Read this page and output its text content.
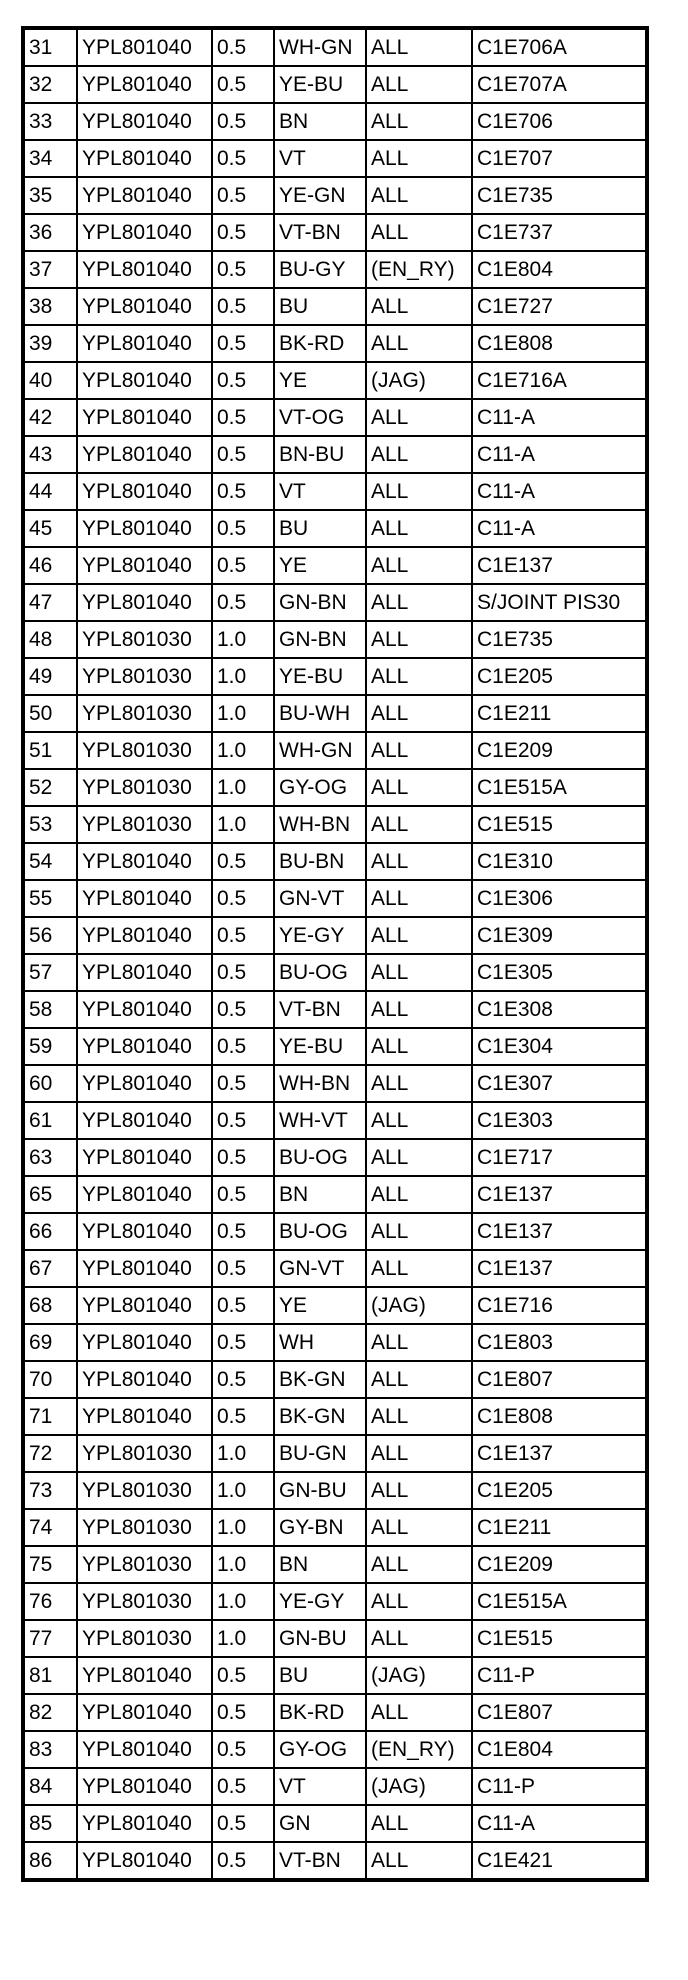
31	YPL801040	0.5	WH-GN	ALL	C1E706A
32	YPL801040	0.5	YE-BU	ALL	C1E707A
33	YPL801040	0.5	BN	ALL	C1E706
34	YPL801040	0.5	VT	ALL	C1E707
35	YPL801040	0.5	YE-GN	ALL	C1E735
36	YPL801040	0.5	VT-BN	ALL	C1E737
37	YPL801040	0.5	BU-GY	(EN_RY)	C1E804
38	YPL801040	0.5	BU	ALL	C1E727
39	YPL801040	0.5	BK-RD	ALL	C1E808
40	YPL801040	0.5	YE	(JAG)	C1E716A
42	YPL801040	0.5	VT-OG	ALL	C11-A
43	YPL801040	0.5	BN-BU	ALL	C11-A
44	YPL801040	0.5	VT	ALL	C11-A
45	YPL801040	0.5	BU	ALL	C11-A
46	YPL801040	0.5	YE	ALL	C1E137
47	YPL801040	0.5	GN-BN	ALL	S/JOINT PIS30
48	YPL801030	1.0	GN-BN	ALL	C1E735
49	YPL801030	1.0	YE-BU	ALL	C1E205
50	YPL801030	1.0	BU-WH	ALL	C1E211
51	YPL801030	1.0	WH-GN	ALL	C1E209
52	YPL801030	1.0	GY-OG	ALL	C1E515A
53	YPL801030	1.0	WH-BN	ALL	C1E515
54	YPL801040	0.5	BU-BN	ALL	C1E310
55	YPL801040	0.5	GN-VT	ALL	C1E306
56	YPL801040	0.5	YE-GY	ALL	C1E309
57	YPL801040	0.5	BU-OG	ALL	C1E305
58	YPL801040	0.5	VT-BN	ALL	C1E308
59	YPL801040	0.5	YE-BU	ALL	C1E304
60	YPL801040	0.5	WH-BN	ALL	C1E307
61	YPL801040	0.5	WH-VT	ALL	C1E303
63	YPL801040	0.5	BU-OG	ALL	C1E717
65	YPL801040	0.5	BN	ALL	C1E137
66	YPL801040	0.5	BU-OG	ALL	C1E137
67	YPL801040	0.5	GN-VT	ALL	C1E137
68	YPL801040	0.5	YE	(JAG)	C1E716
69	YPL801040	0.5	WH	ALL	C1E803
70	YPL801040	0.5	BK-GN	ALL	C1E807
71	YPL801040	0.5	BK-GN	ALL	C1E808
72	YPL801030	1.0	BU-GN	ALL	C1E137
73	YPL801030	1.0	GN-BU	ALL	C1E205
74	YPL801030	1.0	GY-BN	ALL	C1E211
75	YPL801030	1.0	BN	ALL	C1E209
76	YPL801030	1.0	YE-GY	ALL	C1E515A
77	YPL801030	1.0	GN-BU	ALL	C1E515
81	YPL801040	0.5	BU	(JAG)	C11-P
82	YPL801040	0.5	BK-RD	ALL	C1E807
83	YPL801040	0.5	GY-OG	(EN_RY)	C1E804
84	YPL801040	0.5	VT	(JAG)	C11-P
85	YPL801040	0.5	GN	ALL	C11-A
86	YPL801040	0.5	VT-BN	ALL	C1E421
